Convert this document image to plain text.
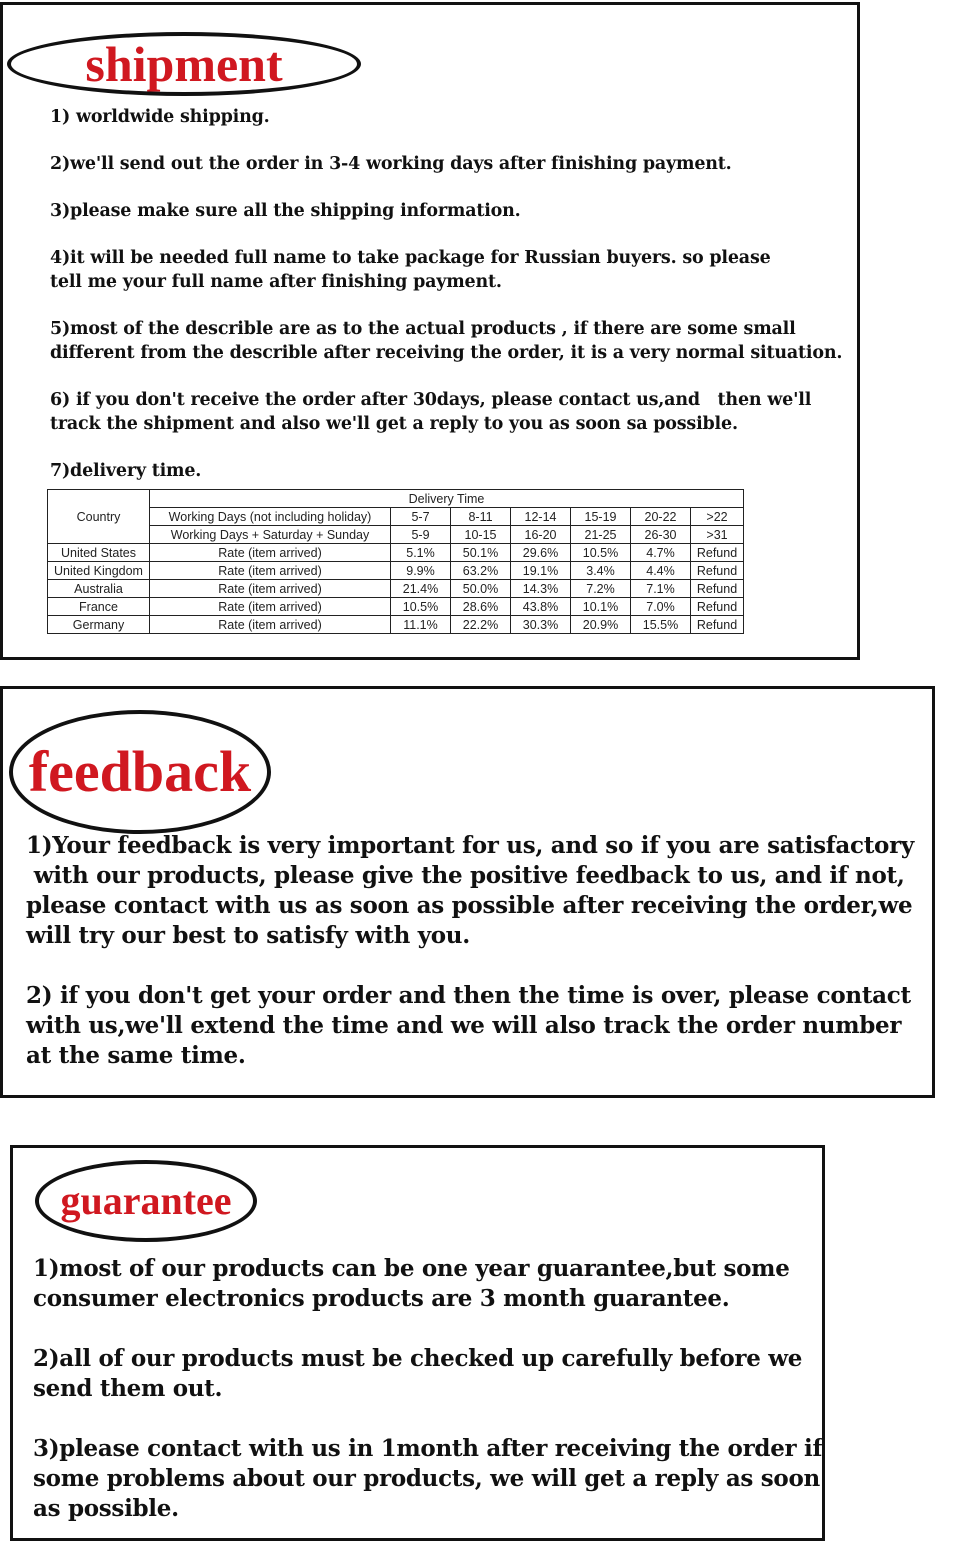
shipment

1) worldwide shipping.

2)we'll send out the order in 3-4 working days after finishing payment.

3)please make sure all the shipping information.

4)it will be needed full name to take package for Russian buyers. so please
tell me your full name after finishing payment.

5)most of the describle are as to the actual products , if there are some small
different from the describle after receiving the order, it is a very normal situation.

6) if you don't receive the order after 30days, please contact us,and   then we'll
track the shipment and also we'll get a reply to you as soon sa possible.

7)delivery time.

Country	Delivery Time						
	Working Days (not including holiday)	5-7	8-11	12-14	15-19	20-22	>22
	Working Days + Saturday + Sunday	5-9	10-15	16-20	21-25	26-30	>31
United States	Rate (item arrived)	5.1%	50.1%	29.6%	10.5%	4.7%	Refund
United Kingdom	Rate (item arrived)	9.9%	63.2%	19.1%	3.4%	4.4%	Refund
Australia	Rate (item arrived)	21.4%	50.0%	14.3%	7.2%	7.1%	Refund
France	Rate (item arrived)	10.5%	28.6%	43.8%	10.1%	7.0%	Refund
Germany	Rate (item arrived)	11.1%	22.2%	30.3%	20.9%	15.5%	Refund
feedback

1)Your feedback is very important for us, and so if you are satisfactory
with our products, please give the positive feedback to us, and if not,
please contact with us as soon as possible after receiving the order,we
will try our best to satisfy with you.

2) if you don't get your order and then the time is over, please contact
with us,we'll extend the time and we will also track the order number
at the same time.

guarantee

1)most of our products can be one year guarantee,but some
consumer electronics products are 3 month guarantee.

2)all of our products must be checked up carefully before we
send them out.

3)please contact with us in 1month after receiving the order if
some problems about our products, we will get a reply as soon
as possible.
